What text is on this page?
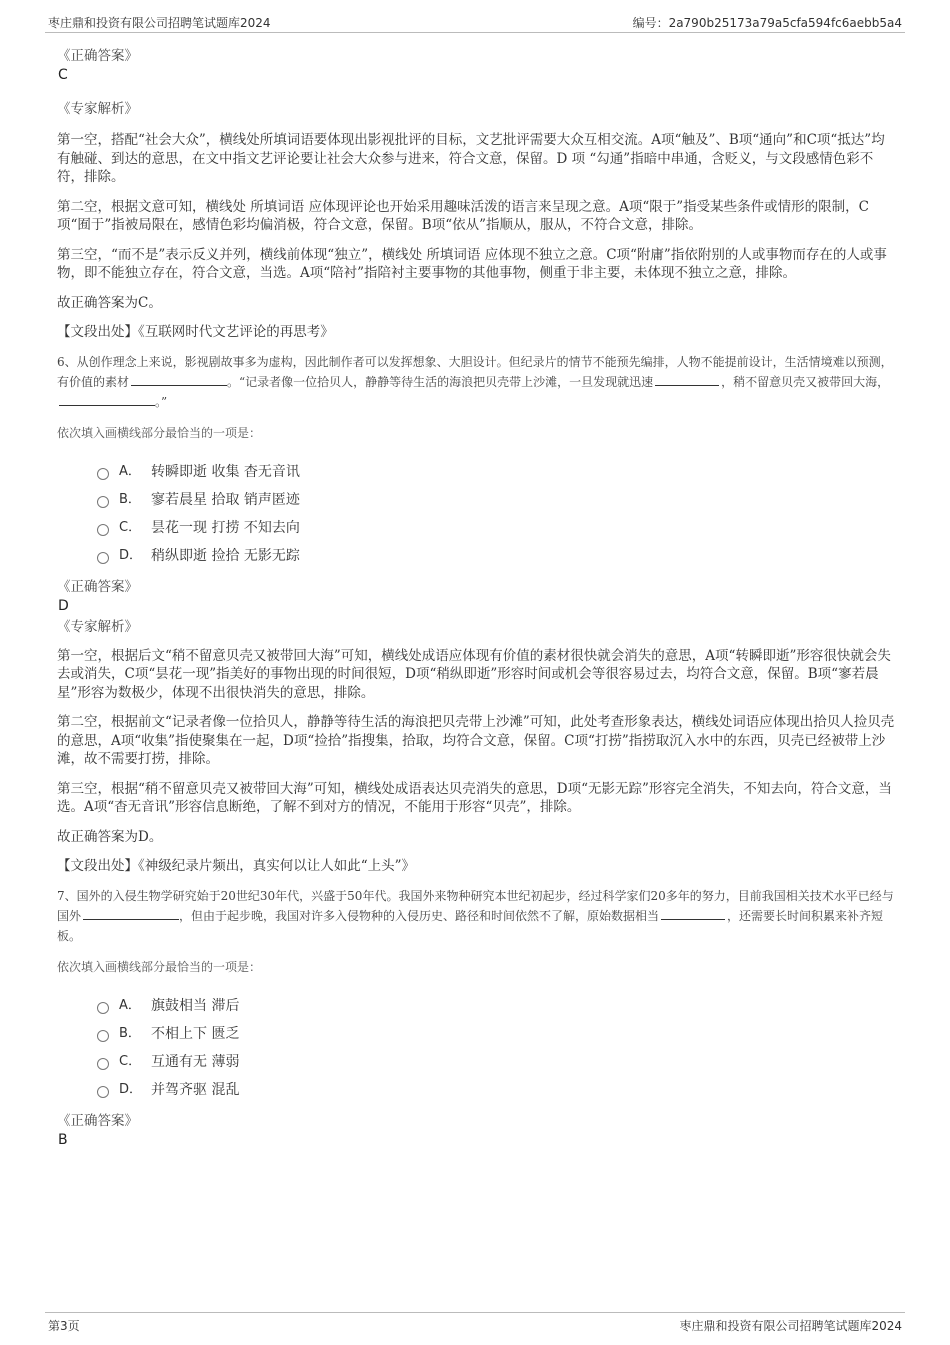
枣庄鼎和投资有限公司招聘笔试题库2024	编号：2a790b25173a79a5cfa594fc6aebb5a4
《正确答案》
C
《专家解析》

第一空，搭配“社会大众”，横线处所填词语要体现出影视批评的目标，文艺批评需要大众互相交流。A项“触及”、B项“通向”和C项“抵达”均有触碰、到达的意思，在文中指文艺评论要让社会大众参与进来，符合文意，保留。D 项 “勾通”指暗中串通，含贬义，与文段感情色彩不符，排除。

第二空，根据文意可知，横线处 所填词语 应体现评论也开始采用趣味活泼的语言来呈现之意。A项“限于”指受某些条件或情形的限制，C项“囿于”指被局限在，感情色彩均偏消极，符合文意，保留。B项“依从”指顺从，服从，不符合文意，排除。

第三空，“而不是”表示反义并列，横线前体现“独立”，横线处 所填词语 应体现不独立之意。C项“附庸”指依附别的人或事物而存在的人或事物，即不能独立存在，符合文意，当选。A项“陪衬”指陪衬主要事物的其他事物，侧重于非主要，未体现不独立之意，排除。

故正确答案为C。

【文段出处】《互联网时代文艺评论的再思考》

6、从创作理念上来说，影视剧故事多为虚构，因此制作者可以发挥想象、大胆设计。但纪录片的情节不能预先编排，人物不能提前设计，生活情境难以预测，有价值的素材	。“记录者像一位拾贝人，静静等待生活的海浪把贝壳带上沙滩，一旦发现就迅速	，稍不留意贝壳又被带回大海，。”

依次填入画横线部分最恰当的一项是：
A． 转瞬即逝 收集 杳无音讯
B． 寥若晨星 拾取 销声匿迹
C． 昙花一现 打捞 不知去向
D． 稍纵即逝 捡拾 无影无踪
《正确答案》
D
《专家解析》

第一空，根据后文“稍不留意贝壳又被带回大海”可知，横线处成语应体现有价值的素材很快就会消失的意思，A项“转瞬即逝”形容很快就会失去或消失，C项“昙花一现”指美好的事物出现的时间很短，D项“稍纵即逝”形容时间或机会等很容易过去，均符合文意，保留。B项“寥若晨星”形容为数极少，体现不出很快消失的意思，排除。

第二空，根据前文“记录者像一位拾贝人，静静等待生活的海浪把贝壳带上沙滩”可知，此处考查形象表达，横线处词语应体现出拾贝人捡贝壳的意思，A项“收集”指使聚集在一起，D项“捡拾”指搜集，拾取，均符合文意，保留。C项“打捞”指捞取沉入水中的东西，贝壳已经被带上沙滩，故不需要打捞，排除。

第三空，根据“稍不留意贝壳又被带回大海”可知，横线处成语表达贝壳消失的意思，D项“无影无踪”形容完全消失，不知去向，符合文意，当选。A项“杳无音讯”形容信息断绝，了解不到对方的情况，不能用于形容“贝壳”，排除。

故正确答案为D。

【文段出处】《神级纪录片频出，真实何以让人如此“上头”》

7、国外的入侵生物学研究始于20世纪30年代，兴盛于50年代。我国外来物种研究本世纪初起步，经过科学家们20多年的努力，目前我国相关技术水平已经与国外	，但由于起步晚，我国对许多入侵物种的入侵历史、路径和时间依然不了解，原始数据相当	，还需要长时间积累来补齐短板。

依次填入画横线部分最恰当的一项是：
A． 旗鼓相当 滞后
B． 不相上下 匮乏
C． 互通有无 薄弱
D． 并驾齐驱 混乱
《正确答案》
B
第3页	枣庄鼎和投资有限公司招聘笔试题库2024
